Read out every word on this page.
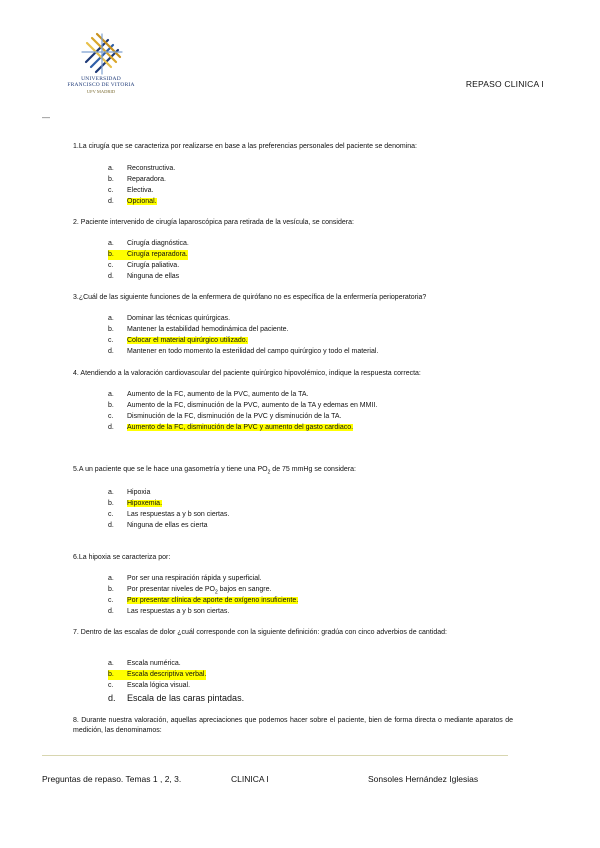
UNIVERSIDAD
FRANCISCO DE VITORIA
UFV MADRID
REPASO CLINICA I
—
1.La cirugía que se caracteriza por realizarse en base a las preferencias personales del paciente se denomina:
a. Reconstructiva.
b. Reparadora.
c. Electiva.
d. Opcional.
2. Paciente intervenido de cirugía laparoscópica para retirada de la vesícula, se considera:
a. Cirugía diagnóstica.
b. Cirugía reparadora.
c. Cirugía paliativa.
d. Ninguna de ellas
3.¿Cuál de las siguiente funciones de la enfermera de quirófano no es específica de la enfermería perioperatoria?
a. Dominar las técnicas quirúrgicas.
b. Mantener la estabilidad hemodinámica del paciente.
c. Colocar el material quirúrgico utilizado.
d. Mantener en todo momento la esterilidad del campo quirúrgico y todo el material.
4. Atendiendo a la valoración cardiovascular del paciente quirúrgico hipovolémico, indique la respuesta correcta:
a. Aumento de la FC, aumento de la PVC, aumento de la TA.
b. Aumento de la FC, disminución de la PVC, aumento de la TA y edemas en MMII.
c. Disminución de la FC, disminución de la PVC y disminución de la TA.
d. Aumento de la FC, disminución de la PVC y aumento del gasto cardiaco.
5.A un paciente que se le hace una gasometría y tiene una $PO_2$ de 75 mmHg se considera:
a. Hipoxia
b. Hipoxemia.
c. Las respuestas a y b son ciertas.
d. Ninguna de ellas es cierta
6.La hipoxia se caracteriza por:
a. Por ser una respiración rápida y superficial.
b. Por presentar niveles de $PO_2$ bajos en sangre.
c. Por presentar clínica de aporte de oxígeno insuficiente.
d. Las respuestas a y b son ciertas.
7. Dentro de las escalas de dolor ¿cuál corresponde con la siguiente definición: gradúa con cinco adverbios de cantidad:
a. Escala numérica.
b. Escala descriptiva verbal.
c. Escala lógica visual.
d. Escala de las caras pintadas.
8. Durante nuestra valoración, aquellas apreciaciones que podemos hacer sobre el paciente, bien de forma directa o mediante aparatos de medición, las denominamos:
Preguntas de repaso. Temas 1 , 2, 3.	CLINICA I	Sonsoles Hernández Iglesias
